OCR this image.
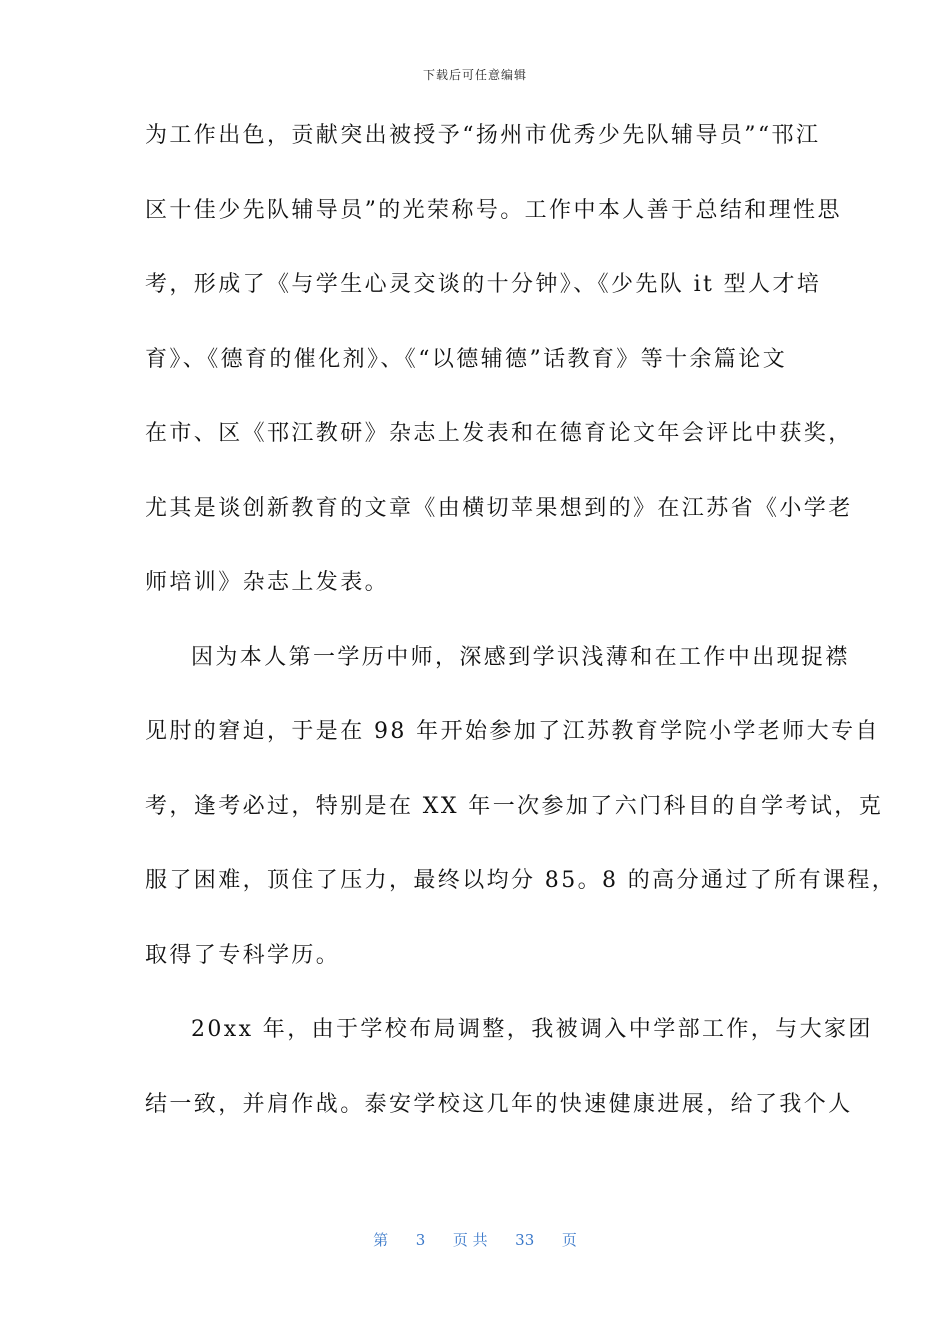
下载后可任意编辑
为工作出色，贡献突出被授予“扬州市优秀少先队辅导员”“邗江
区十佳少先队辅导员”的光荣称号。工作中本人善于总结和理性思
考，形成了《与学生心灵交谈的十分钟》、《少先队 it 型人才培
育》、《德育的催化剂》、《“以德辅德”话教育》等十余篇论文
在市、区《邗江教研》杂志上发表和在德育论文年会评比中获奖，
尤其是谈创新教育的文章《由横切苹果想到的》在江苏省《小学老
师培训》杂志上发表。
因为本人第一学历中师，深感到学识浅薄和在工作中出现捉襟
见肘的窘迫，于是在 98 年开始参加了江苏教育学院小学老师大专自
考，逢考必过，特别是在 XX 年一次参加了六门科目的自学考试，克
服了困难，顶住了压力，最终以均分 85。8 的高分通过了所有课程，
取得了专科学历。
20xx 年，由于学校布局调整，我被调入中学部工作，与大家团
结一致，并肩作战。泰安学校这几年的快速健康进展，给了我个人
第 3 页 共 33 页
